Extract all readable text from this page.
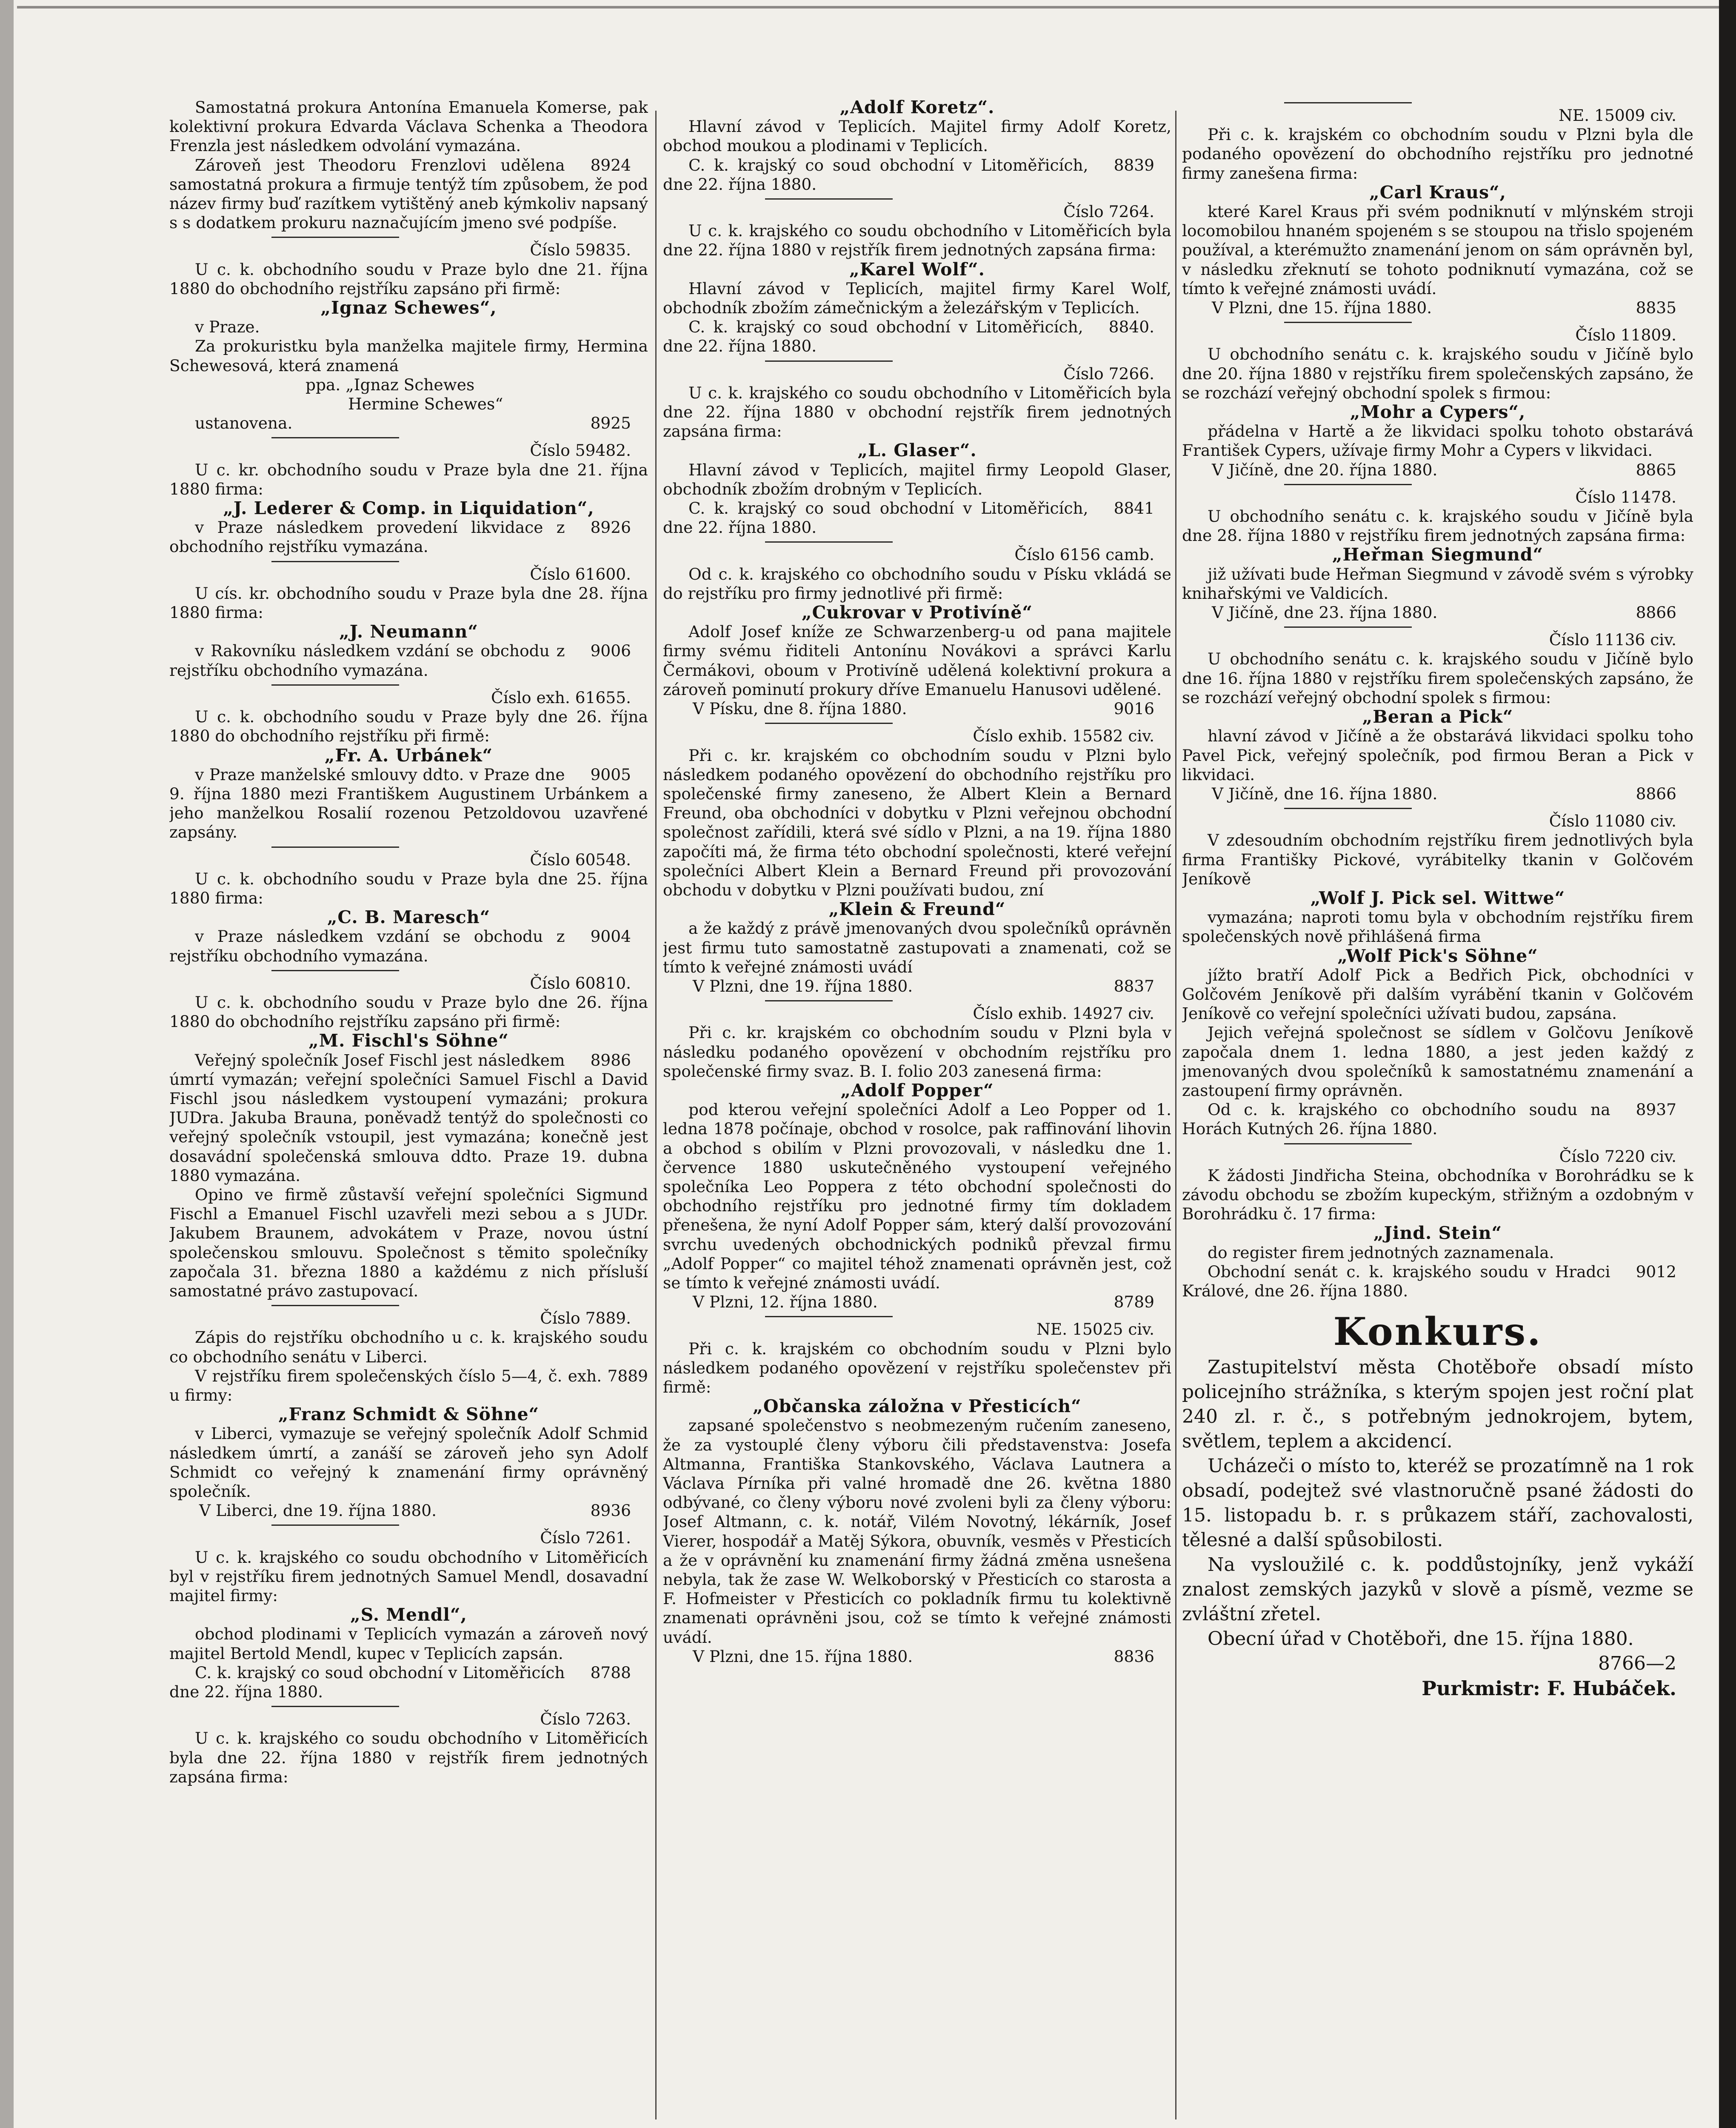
Samostatná prokura Antonína Emanuela Komerse, pak kolektivní prokura Edvarda Václava Schenka a Theodora Frenzla jest následkem odvolání vymazána.

8924
Zároveň jest Theodoru Frenzlovi udělena samostatná prokura a firmuje tentýž tím způsobem, že pod název firmy buď razítkem vytištěný aneb kýmkoliv napsaný s s dodatkem prokuru naznačujícím jmeno své podpíše.

Číslo 59835.

U c. k. obchodního soudu v Praze bylo dne 21. října 1880 do obchodního rejstříku zapsáno při firmě:

„Ignaz Schewes“,

v Praze.

Za prokuristku byla manželka majitele firmy, Hermina Schewesová, která znamená

ppa. „Ignaz Schewes

Hermine Schewes“

8925
ustanovena.

Číslo 59482.

U c. kr. obchodního soudu v Praze byla dne 21. října 1880 firma:

„J. Lederer & Comp. in Liquidation“,

8926
v Praze následkem provedení likvidace z obchodního rejstříku vymazána.

Číslo 61600.

U cís. kr. obchodního soudu v Praze byla dne 28. října 1880 firma:

„J. Neumann“

9006
v Rakovníku následkem vzdání se obchodu z rejstříku obchodního vymazána.

Číslo exh. 61655.

U c. k. obchodního soudu v Praze byly dne 26. října 1880 do obchodního rejstříku při firmě:

„Fr. A. Urbánek“

9005
v Praze manželské smlouvy ddto. v Praze dne 9. října 1880 mezi Františkem Augustinem Urbánkem a jeho manželkou Rosalií rozenou Petzoldovou uzavřené zapsány.

Číslo 60548.

U c. k. obchodního soudu v Praze byla dne 25. října 1880 firma:

„C. B. Maresch“

9004
v Praze následkem vzdání se obchodu z rejstříku obchodního vymazána.

Číslo 60810.

U c. k. obchodního soudu v Praze bylo dne 26. října 1880 do obchodního rejstříku zapsáno při firmě:

„M. Fischl's Söhne“

8986
Veřejný společník Josef Fischl jest následkem úmrtí vymazán; veřejní společníci Samuel Fischl a David Fischl jsou následkem vystoupení vymazáni; prokura JUDra. Jakuba Brauna, poněvadž tentýž do společnosti co veřejný společník vstoupil, jest vymazána; konečně jest dosavádní společenská smlouva ddto. Praze 19. dubna 1880 vymazána.

Opino ve firmě zůstavší veřejní společníci Sigmund Fischl a Emanuel Fischl uzavřeli mezi sebou a s JUDr. Jakubem Braunem, advokátem v Praze, novou ústní společenskou smlouvu. Společnost s těmito společníky započala 31. března 1880 a každému z nich přísluší samostatné právo zastupovací.

Číslo 7889.

Zápis do rejstříku obchodního u c. k. krajského soudu co obchodního senátu v Liberci.

V rejstříku firem společenských číslo 5—4, č. exh. 7889 u firmy:

„Franz Schmidt & Söhne“

v Liberci, vymazuje se veřejný společník Adolf Schmid následkem úmrtí, a zanáší se zároveň jeho syn Adolf Schmidt co veřejný k znamenání firmy oprávněný společník.

8936
V Liberci, dne 19. října 1880.

Číslo 7261.

U c. k. krajského co soudu obchodního v Litoměřicích byl v rejstříku firem jednotných Samuel Mendl, dosavadní majitel firmy:

„S. Mendl“,

obchod plodinami v Teplicích vymazán a zároveň nový majitel Bertold Mendl, kupec v Teplicích zapsán.

8788
C. k. krajský co soud obchodní v Litoměřicích dne 22. října 1880.

Číslo 7263.

U c. k. krajského co soudu obchodního v Litoměřicích byla dne 22. října 1880 v rejstřík firem jednotných zapsána firma:

„Adolf Koretz“.

Hlavní závod v Teplicích. Majitel firmy Adolf Koretz, obchod moukou a plodinami v Teplicích.

8839
C. k. krajský co soud obchodní v Litoměřicích, dne 22. října 1880.

Číslo 7264.

U c. k. krajského co soudu obchodního v Litoměřicích byla dne 22. října 1880 v rejstřík firem jednotných zapsána firma:

„Karel Wolf“.

Hlavní závod v Teplicích, majitel firmy Karel Wolf, obchodník zbožím zámečnickým a železářským v Teplicích.

8840.
C. k. krajský co soud obchodní v Litoměřicích, dne 22. října 1880.

Číslo 7266.

U c. k. krajského co soudu obchodního v Litoměřicích byla dne 22. října 1880 v obchodní rejstřík firem jednotných zapsána firma:

„L. Glaser“.

Hlavní závod v Teplicích, majitel firmy Leopold Glaser, obchodník zbožím drobným v Teplicích.

8841
C. k. krajský co soud obchodní v Litoměřicích, dne 22. října 1880.

Číslo 6156 camb.

Od c. k. krajského co obchodního soudu v Písku vkládá se do rejstříku pro firmy jednotlivé při firmě:

„Cukrovar v Protivíně“

Adolf Josef kníže ze Schwarzenberg-u od pana majitele firmy svému řiditeli Antonínu Novákovi a správci Karlu Čermákovi, oboum v Protivíně udělená kolektivní prokura a zároveň pominutí prokury dříve Emanuelu Hanusovi udělené.

9016
V Písku, dne 8. října 1880.

Číslo exhib. 15582 civ.

Při c. kr. krajském co obchodním soudu v Plzni bylo následkem podaného opovězení do obchodního rejstříku pro společenské firmy zaneseno, že Albert Klein a Bernard Freund, oba obchodníci v dobytku v Plzni veřejnou obchodní společnost zařídili, která své sídlo v Plzni, a na 19. října 1880 započíti má, že firma této obchodní společnosti, které veřejní společníci Albert Klein a Bernard Freund při provozování obchodu v dobytku v Plzni používati budou, zní

„Klein & Freund“

a že každý z právě jmenovaných dvou společníků oprávněn jest firmu tuto samostatně zastupovati a znamenati, což se tímto k veřejné známosti uvádí

8837
V Plzni, dne 19. října 1880.

Číslo exhib. 14927 civ.

Při c. kr. krajském co obchodním soudu v Plzni byla v následku podaného opovězení v obchodním rejstříku pro společenské firmy svaz. B. I. folio 203 zanesená firma:

„Adolf Popper“

pod kterou veřejní společníci Adolf a Leo Popper od 1. ledna 1878 počínaje, obchod v rosolce, pak raffinování lihovin a obchod s obilím v Plzni provozovali, v následku dne 1. července 1880 uskutečněného vystoupení veřejného společníka Leo Poppera z této obchodní společnosti do obchodního rejstříku pro jednotné firmy tím dokladem přenešena, že nyní Adolf Popper sám, který další provozování svrchu uvedených obchodnických podniků převzal firmu „Adolf Popper“ co majitel téhož znamenati oprávněn jest, což se tímto k veřejné známosti uvádí.

8789
V Plzni, 12. října 1880.

NE. 15025 civ.

Při c. k. krajském co obchodním soudu v Plzni bylo následkem podaného opovězení v rejstříku společenstev při firmě:

„Občanska záložna v Přesticích“

zapsané společenstvo s neobmezeným ručením zaneseno, že za vystouplé členy výboru čili představenstva: Josefa Altmanna, Františka Stankovského, Václava Lautnera a Václava Pírníka při valné hromadě dne 26. května 1880 odbývané, co členy výboru nové zvoleni byli za členy výboru: Josef Altmann, c. k. notář, Vilém Novotný, lékárník, Josef Vierer, hospodář a Matěj Sýkora, obuvník, vesměs v Přesticích a že v oprávnění ku znamenání firmy žádná změna usnešena nebyla, tak že zase W. Welkoborský v Přesticích co starosta a F. Hofmeister v Přesticích co pokladník firmu tu kolektivně znamenati oprávněni jsou, což se tímto k veřejné známosti uvádí.

8836
V Plzni, dne 15. října 1880.

NE. 15009 civ.

Při c. k. krajském co obchodním soudu v Plzni byla dle podaného opovězení do obchodního rejstříku pro jednotné firmy zanešena firma:

„Carl Kraus“,

které Karel Kraus při svém podniknutí v mlýnském stroji locomobilou hnaném spojeném s se stoupou na třislo spojeném používal, a kterémužto znamenání jenom on sám oprávněn byl, v následku zřeknutí se tohoto podniknutí vymazána, což se tímto k veřejné známosti uvádí.

8835
V Plzni, dne 15. října 1880.

Číslo 11809.

U obchodního senátu c. k. krajského soudu v Jičíně bylo dne 20. října 1880 v rejstříku firem společenských zapsáno, že se rozchází veřejný obchodní spolek s firmou:

„Mohr a Cypers“,

přádelna v Hartě a že likvidaci spolku tohoto obstarává František Cypers, užívaje firmy Mohr a Cypers v likvidaci.

8865
V Jičíně, dne 20. října 1880.

Číslo 11478.

U obchodního senátu c. k. krajského soudu v Jičíně byla dne 28. října 1880 v rejstříku firem jednotných zapsána firma:

„Heřman Siegmund“

již užívati bude Heřman Siegmund v závodě svém s výrobky knihařskými ve Valdicích.

8866
V Jičíně, dne 23. října 1880.

Číslo 11136 civ.

U obchodního senátu c. k. krajského soudu v Jičíně bylo dne 16. října 1880 v rejstříku firem společenských zapsáno, že se rozchází veřejný obchodní spolek s firmou:

„Beran a Pick“

hlavní závod v Jičíně a že obstarává likvidaci spolku toho Pavel Pick, veřejný společník, pod firmou Beran a Pick v likvidaci.

8866
V Jičíně, dne 16. října 1880.

Číslo 11080 civ.

V zdesoudním obchodním rejstříku firem jednotlivých byla firma Františky Pickové, vyrábitelky tkanin v Golčovém Jeníkově

„Wolf J. Pick sel. Wittwe“

vymazána; naproti tomu byla v obchodním rejstříku firem společenských nově přihlášená firma

„Wolf Pick's Söhne“

jížto bratří Adolf Pick a Bedřich Pick, obchodníci v Golčovém Jeníkově při dalším vyrábění tkanin v Golčovém Jeníkově co veřejní společníci užívati budou, zapsána.

Jejich veřejná společnost se sídlem v Golčovu Jeníkově započala dnem 1. ledna 1880, a jest jeden každý z jmenovaných dvou společníků k samostatnému znamenání a zastoupení firmy oprávněn.

8937
Od c. k. krajského co obchodního soudu na Horách Kutných 26. října 1880.

Číslo 7220 civ.

K žádosti Jindřicha Steina, obchodníka v Borohrádku se k závodu obchodu se zbožím kupeckým, střižným a ozdobným v Borohrádku č. 17 firma:

„Jind. Stein“

do register firem jednotných zaznamenala.

9012
Obchodní senát c. k. krajského soudu v Hradci Králové, dne 26. října 1880.

Konkurs.

Zastupitelství města Chotěboře obsadí místo policejního strážníka, s kterým spojen jest roční plat 240 zl. r. č., s potřebným jednokrojem, bytem, světlem, teplem a akcidencí.

Ucházeči o místo to, kteréž se prozatímně na 1 rok obsadí, podejtež své vlastnoručně psané žádosti do 15. listopadu b. r. s průkazem stáří, zachovalosti, tělesné a další spůsobilosti.

Na vysloužilé c. k. poddůstojníky, jenž vykáží znalost zemských jazyků v slově a písmě, vezme se zvláštní zřetel.

Obecní úřad v Chotěboři, dne 15. října 1880.

8766—2

Purkmistr: F. Hubáček.
